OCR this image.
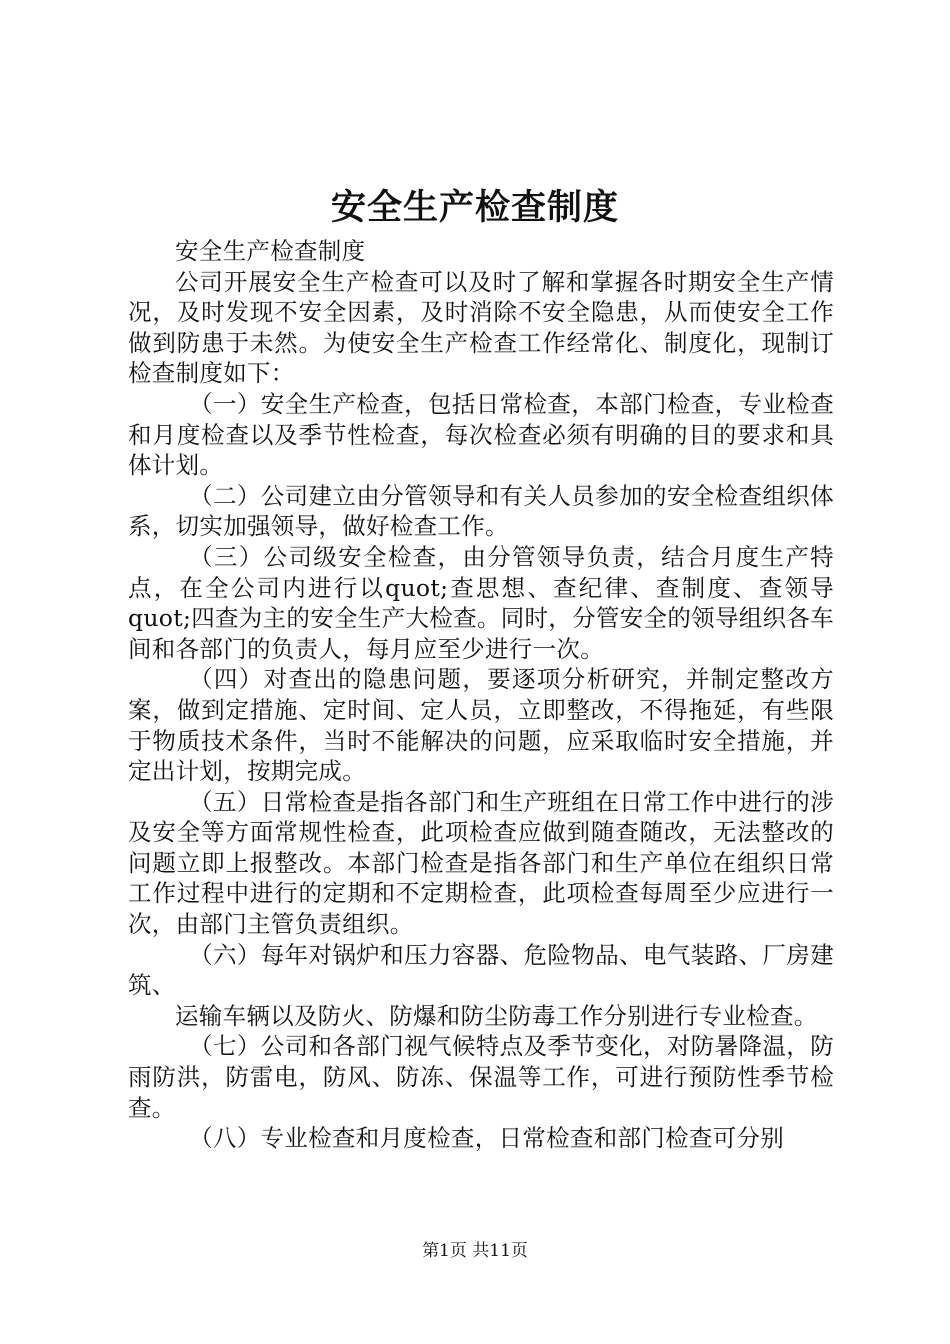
安全生产检查制度

安全生产检查制度

公司开展安全生产检查可以及时了解和掌握各时期安全生产情况，及时发现不安全因素，及时消除不安全隐患，从而使安全工作做到防患于未然。为使安全生产检查工作经常化、制度化，现制订检查制度如下：

（一）安全生产检查，包括日常检查，本部门检查，专业检查和月度检查以及季节性检查，每次检查必须有明确的目的要求和具体计划。

（二）公司建立由分管领导和有关人员参加的安全检查组织体系，切实加强领导，做好检查工作。

（三）公司级安全检查，由分管领导负责，结合月度生产特点，在全公司内进行以quot;查思想、查纪律、查制度、查领导quot;四查为主的安全生产大检查。同时，分管安全的领导组织各车间和各部门的负责人，每月应至少进行一次。

（四）对查出的隐患问题，要逐项分析研究，并制定整改方案，做到定措施、定时间、定人员，立即整改，不得拖延，有些限于物质技术条件，当时不能解决的问题，应采取临时安全措施，并定出计划，按期完成。

（五）日常检查是指各部门和生产班组在日常工作中进行的涉及安全等方面常规性检查，此项检查应做到随查随改，无法整改的问题立即上报整改。本部门检查是指各部门和生产单位在组织日常工作过程中进行的定期和不定期检查，此项检查每周至少应进行一次，由部门主管负责组织。

（六）每年对锅炉和压力容器、危险物品、电气装路、厂房建筑、

运输车辆以及防火、防爆和防尘防毒工作分别进行专业检查。

（七）公司和各部门视气候特点及季节变化，对防暑降温，防雨防洪，防雷电，防风、防冻、保温等工作，可进行预防性季节检查。

（八）专业检查和月度检查，日常检查和部门检查可分别

第1页 共11页
